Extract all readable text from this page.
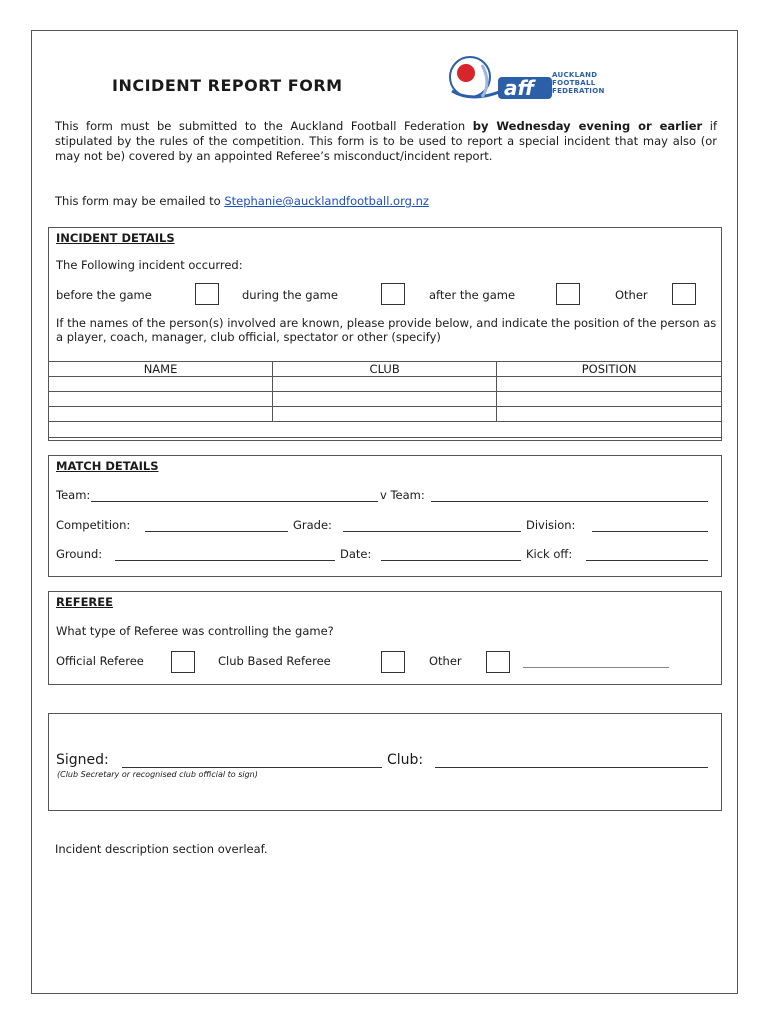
INCIDENT REPORT FORM	aff
AUCKLAND
FOOTBALL
FEDERATION
This form must be submitted to the Auckland Football Federation by Wednesday evening or earlier if stipulated by the rules of the competition. This form is to be used to report a special incident that may also (or may not be) covered by an appointed Referee’s misconduct/incident report.
This form may be emailed to Stephanie@aucklandfootball.org.nz
INCIDENT DETAILS
The Following incident occurred:
before the game	during the game	after the game	Other
If the names of the person(s) involved are known, please provide below, and indicate the position of the person as a player, coach, manager, club official, spectator or other (specify)
NAME	CLUB	POSITION

MATCH DETAILS
Team:	v Team:
Competition:	Grade:	Division:
Ground:	Date:	Kick off:
REFEREE
What type of Referee was controlling the game?
Official Referee	Club Based Referee	Other
Signed:	Club:
(Club Secretary or recognised club official to sign)
Incident description section overleaf.
